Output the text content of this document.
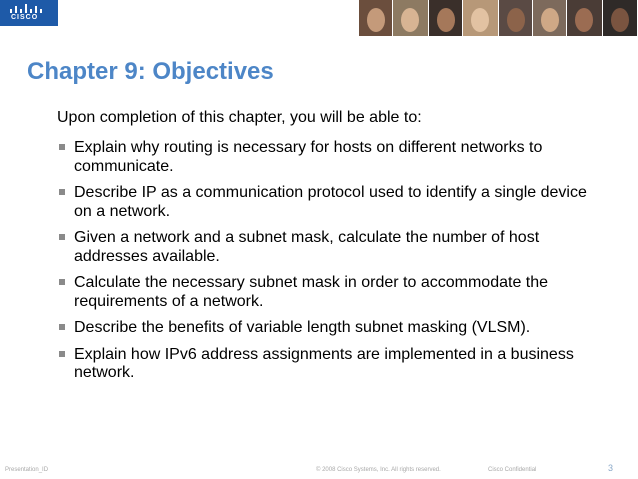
CISCO
Chapter 9: Objectives

Upon completion of this chapter, you will be able to:

Explain why routing is necessary for hosts on different networks to communicate.
Describe IP as a communication protocol used to identify a single device on a network.
Given a network and a subnet mask, calculate the number of host addresses available.
Calculate the necessary subnet mask in order to accommodate the requirements of a network.
Describe the benefits of variable length subnet masking (VLSM).
Explain how IPv6 address assignments are implemented in a business network.
Presentation_ID	© 2008 Cisco Systems, Inc. All rights reserved.	Cisco Confidential	3
